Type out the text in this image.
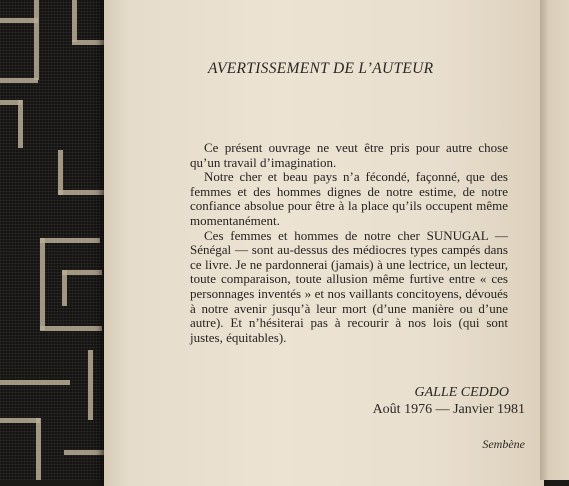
AVERTISSEMENT DE L’AUTEUR

Ce présent ouvrage ne veut être pris pour autre chose qu’un travail d’imagination.

Notre cher et beau pays n’a fécondé, façonné, que des femmes et des hommes dignes de notre estime, de notre confiance absolue pour être à la place qu’ils occupent même momentanément.

Ces femmes et hommes de notre cher SUNUGAL — Sénégal — sont au-dessus des médiocres types campés dans ce livre. Je ne pardonnerai (jamais) à une lectrice, un lecteur, toute comparaison, toute allusion même furtive entre « ces personnages inventés » et nos vaillants concitoyens, dévoués à notre avenir jusqu’à leur mort (d’une manière ou d’une autre). Et n’hésiterai pas à recourir à nos lois (qui sont justes, équitables).

GALLE CEDDO
Août 1976 — Janvier 1981
Sembène
